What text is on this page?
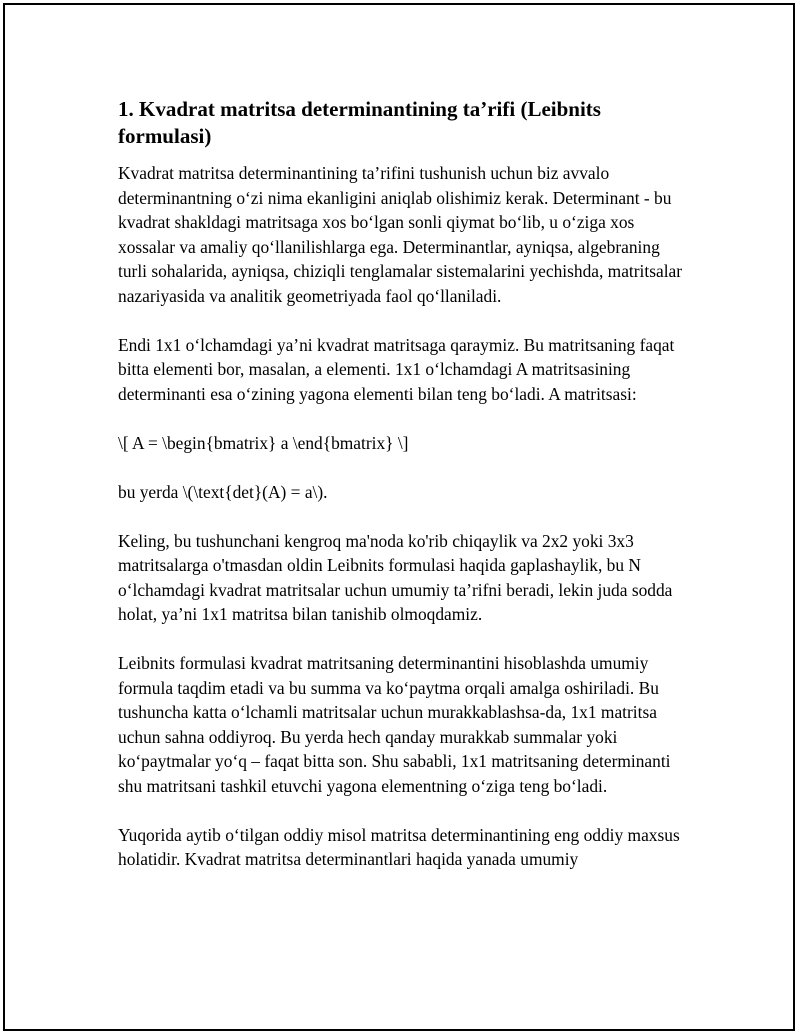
1. Kvadrat matritsa determinantining ta’rifi (Leibnits formulasi)

Kvadrat matritsa determinantining ta’rifini tushunish uchun biz avvalo determinantning o‘zi nima ekanligini aniqlab olishimiz kerak. Determinant - bu kvadrat shakldagi matritsaga xos bo‘lgan sonli qiymat bo‘lib, u o‘ziga xos xossalar va amaliy qo‘llanilishlarga ega. Determinantlar, ayniqsa, algebraning turli sohalarida, ayniqsa, chiziqli tenglamalar sistemalarini yechishda, matritsalar nazariyasida va analitik geometriyada faol qo‘llaniladi.

Endi 1x1 o‘lchamdagi ya’ni kvadrat matritsaga qaraymiz. Bu matritsaning faqat bitta elementi bor, masalan, a elementi. 1x1 o‘lchamdagi A matritsasining determinanti esa o‘zining yagona elementi bilan teng bo‘ladi. A matritsasi:

\[ A = \begin{bmatrix} a \end{bmatrix} \]

bu yerda \(\text{det}(A) = a\).

Keling, bu tushunchani kengroq ma'noda ko'rib chiqaylik va 2x2 yoki 3x3 matritsalarga o'tmasdan oldin Leibnits formulasi haqida gaplashaylik, bu N o‘lchamdagi kvadrat matritsalar uchun umumiy ta’rifni beradi, lekin juda sodda holat, ya’ni 1x1 matritsa bilan tanishib olmoqdamiz.

Leibnits formulasi kvadrat matritsaning determinantini hisoblashda umumiy formula taqdim etadi va bu summa va ko‘paytma orqali amalga oshiriladi. Bu tushuncha katta o‘lchamli matritsalar uchun murakkablashsa-da, 1x1 matritsa uchun sahna oddiyroq. Bu yerda hech qanday murakkab summalar yoki ko‘paytmalar yo‘q – faqat bitta son. Shu sababli, 1x1 matritsaning determinanti shu matritsani tashkil etuvchi yagona elementning o‘ziga teng bo‘ladi.

Yuqorida aytib o‘tilgan oddiy misol matritsa determinantining eng oddiy maxsus holatidir. Kvadrat matritsa determinantlari haqida yanada umumiy
